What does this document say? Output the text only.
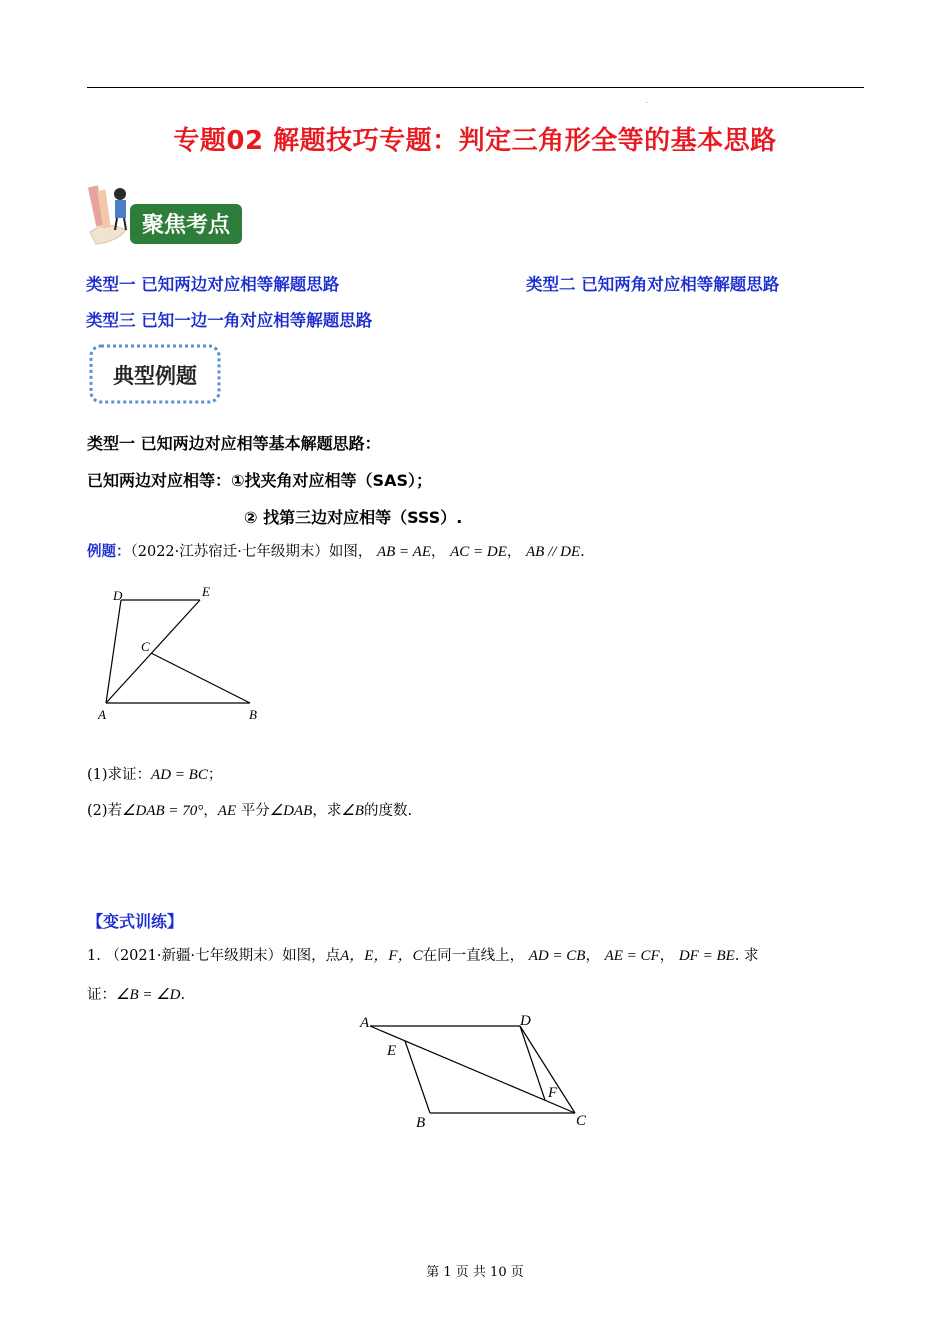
.
专题02 解题技巧专题：判定三角形全等的基本思路
聚焦考点
类型一 已知两边对应相等解题思路	类型二 已知两角对应相等解题思路
类型三 已知一边一角对应相等解题思路
典型例题
类型一 已知两边对应相等基本解题思路：
已知两边对应相等：①找夹角对应相等（SAS）；
② 找第三边对应相等（SSS）.
例题：（2022·江苏宿迁·七年级期末）如图， AB = AE， AC = DE， AB // DE.
D	E
C
A	B
(1)求证：AD = BC；
(2)若∠DAB = 70°，AE 平分∠DAB，求∠B的度数.
【变式训练】
1. （2021·新疆·七年级期末）如图，点A，E，F，C在同一直线上， AD = CB， AE = CF， DF = BE. 求
证：∠B = ∠D.
A	D
E
F
B	C
第 1 页 共 10 页
